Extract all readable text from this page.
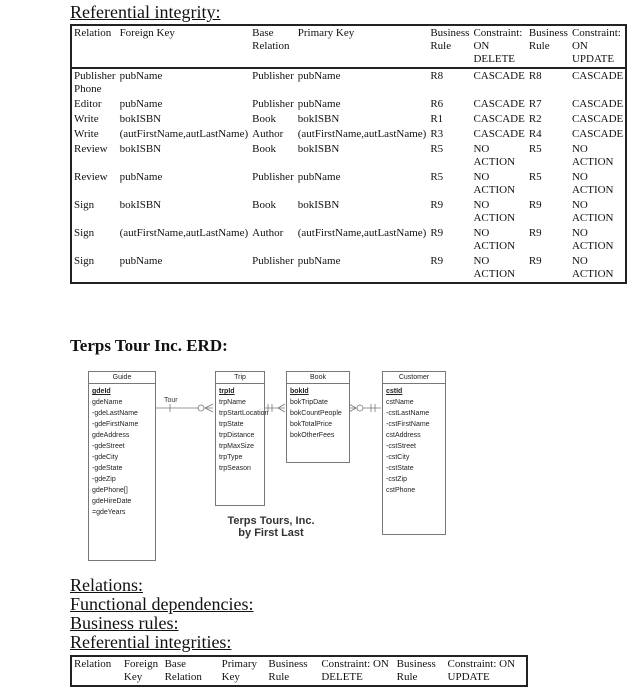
Referential integrity:
Relation	Foreign Key	Base Relation	Primary Key	Business Rule	Constraint: ON DELETE	Business Rule	Constraint: ON UPDATE
Publisher Phone	pubName	Publisher	pubName	R8	CASCADE	R8	CASCADE
Editor	pubName	Publisher	pubName	R6	CASCADE	R7	CASCADE
Write	bokISBN	Book	bokISBN	R1	CASCADE	R2	CASCADE
Write	(autFirstName,autLastName)	Author	(autFirstName,autLastName)	R3	CASCADE	R4	CASCADE
Review	bokISBN	Book	bokISBN	R5	NO ACTION	R5	NO ACTION
Review	pubName	Publisher	pubName	R5	NO ACTION	R5	NO ACTION
Sign	bokISBN	Book	bokISBN	R9	NO ACTION	R9	NO ACTION
Sign	(autFirstName,autLastName)	Author	(autFirstName,autLastName)	R9	NO ACTION	R9	NO ACTION
Sign	pubName	Publisher	pubName	R9	NO ACTION	R9	NO ACTION
Terps Tour Inc. ERD:
Tour
Guide
gdeId
gdeName
-gdeLastName
-gdeFirstName
gdeAddress
-gdeStreet
-gdeCity
-gdeState
-gdeZip
gdePhone[]
gdeHireDate
=gdeYears
Trip
trpId
trpName
trpStartLocation
trpState
trpDistance
trpMaxSize
trpType
trpSeason
Book
bokId
bokTripDate
bokCountPeople
bokTotalPrice
bokOtherFees
Customer
cstId
cstName
-cstLastName
-cstFirstName
cstAddress
-cstStreet
-cstCity
-cstState
-cstZip
cstPhone
Terps Tours, Inc.
by First Last
Relations:
Functional dependencies:
Business rules:
Referential integrities:
Relation	Foreign Key	Base Relation	Primary Key	Business Rule	Constraint: ON DELETE	Business Rule	Constraint: ON UPDATE
